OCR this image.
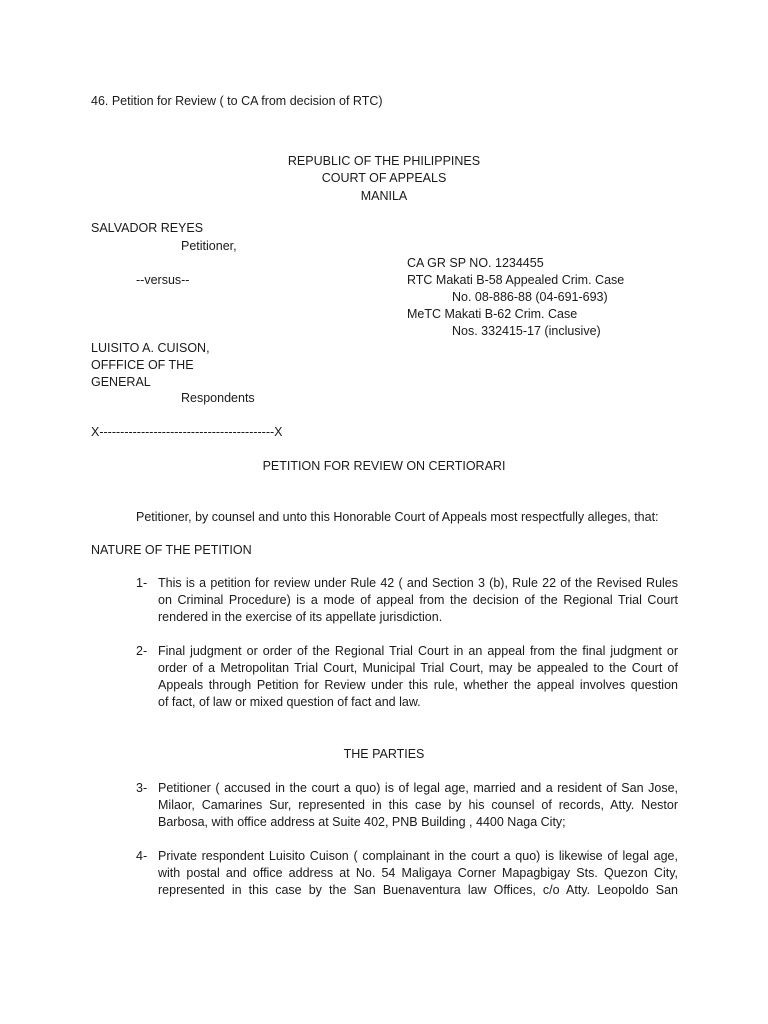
46. Petition for Review ( to CA from decision of RTC)
REPUBLIC OF THE PHILIPPINES
COURT OF APPEALS
MANILA
SALVADOR REYES
Petitioner,
CA GR SP NO. 1234455
--versus--	RTC Makati B-58 Appealed Crim. Case
No. 08-886-88 (04-691-693)
MeTC Makati B-62 Crim. Case
Nos. 332415-17 (inclusive)
LUISITO A. CUISON,
OFFFICE OF THE
GENERAL
Respondents
X------------------------------------------X
PETITION FOR REVIEW ON CERTIORARI
Petitioner, by counsel and unto this Honorable Court of Appeals most respectfully alleges, that:
NATURE OF THE PETITION
1- This is a petition for review under Rule 42 ( and Section 3 (b), Rule 22 of the Revised Rules
on Criminal Procedure) is a mode of appeal from the decision of the Regional Trial Court
rendered in the exercise of its appellate jurisdiction.
2- Final judgment or order of the Regional Trial Court in an appeal from the final judgment or
order of a Metropolitan Trial Court, Municipal Trial Court, may be appealed to the Court of
Appeals through Petition for Review under this rule, whether the appeal involves question
of fact, of law or mixed question of fact and law.
THE PARTIES
3- Petitioner ( accused in the court a quo) is of legal age, married and a resident of San Jose,
Milaor, Camarines Sur, represented in this case by his counsel of records, Atty. Nestor
Barbosa, with office address at Suite 402, PNB Building , 4400 Naga City;
4- Private respondent Luisito Cuison ( complainant in the court a quo) is likewise of legal age,
with postal and office address at No. 54 Maligaya Corner Mapagbigay Sts. Quezon City,
represented in this case by the San Buenaventura law Offices, c/o Atty. Leopoldo San
